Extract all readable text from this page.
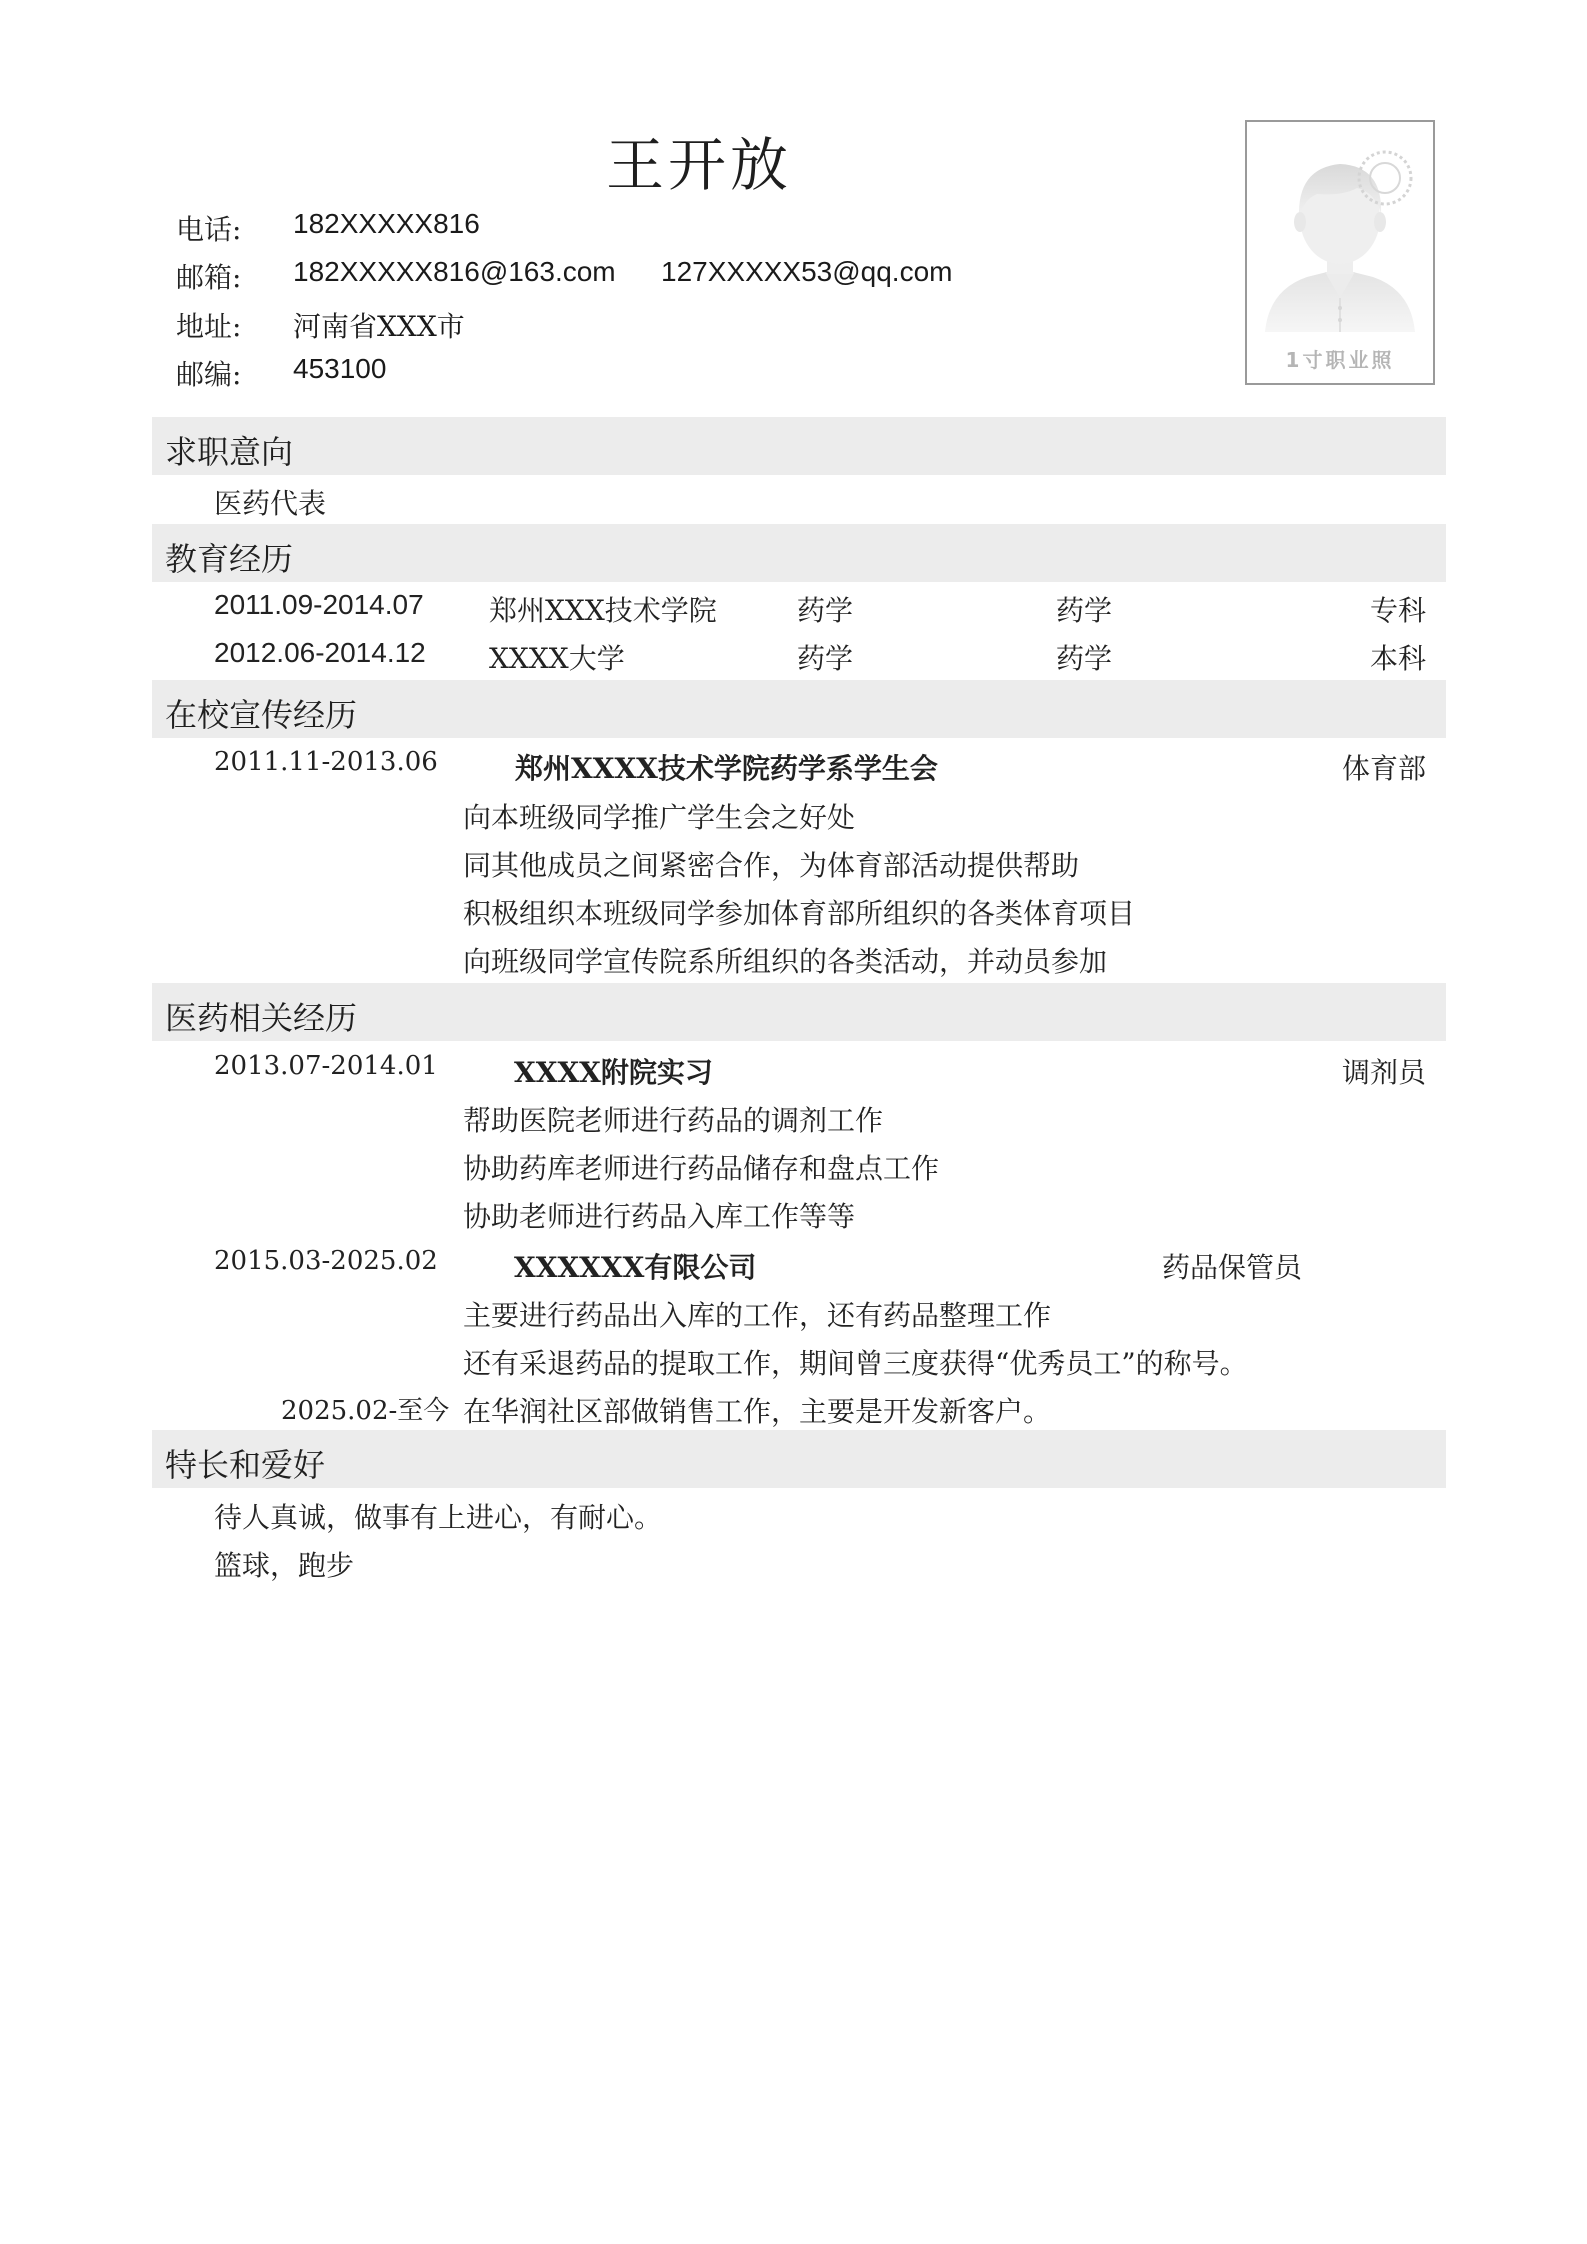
王开放
电话: 182XXXXX816
邮箱: 182XXXXX816@163.com 127XXXXX53@qq.com
地址: 河南省XXX市
邮编: 453100	1寸职业照
求职意向
医药代表
教育经历
2011.09-2014.07 郑州XXX技术学院	药学	药学	专科
2012.06-2014.12 XXXX大学	药学	药学	本科
在校宣传经历
2011.11-2013.06	郑州XXXX技术学院药学系学生会	体育部
向本班级同学推广学生会之好处
同其他成员之间紧密合作，为体育部活动提供帮助
积极组织本班级同学参加体育部所组织的各类体育项目
向班级同学宣传院系所组织的各类活动，并动员参加
医药相关经历
2013.07-2014.01	XXXX附院实习	调剂员
帮助医院老师进行药品的调剂工作
协助药库老师进行药品储存和盘点工作
协助老师进行药品入库工作等等
2015.03-2025.02	XXXXXX有限公司	药品保管员
主要进行药品出入库的工作，还有药品整理工作
还有采退药品的提取工作，期间曾三度获得“优秀员工”的称号。
2025.02-至今 在华润社区部做销售工作，主要是开发新客户。
特长和爱好
待人真诚，做事有上进心，有耐心。
篮球，跑步
